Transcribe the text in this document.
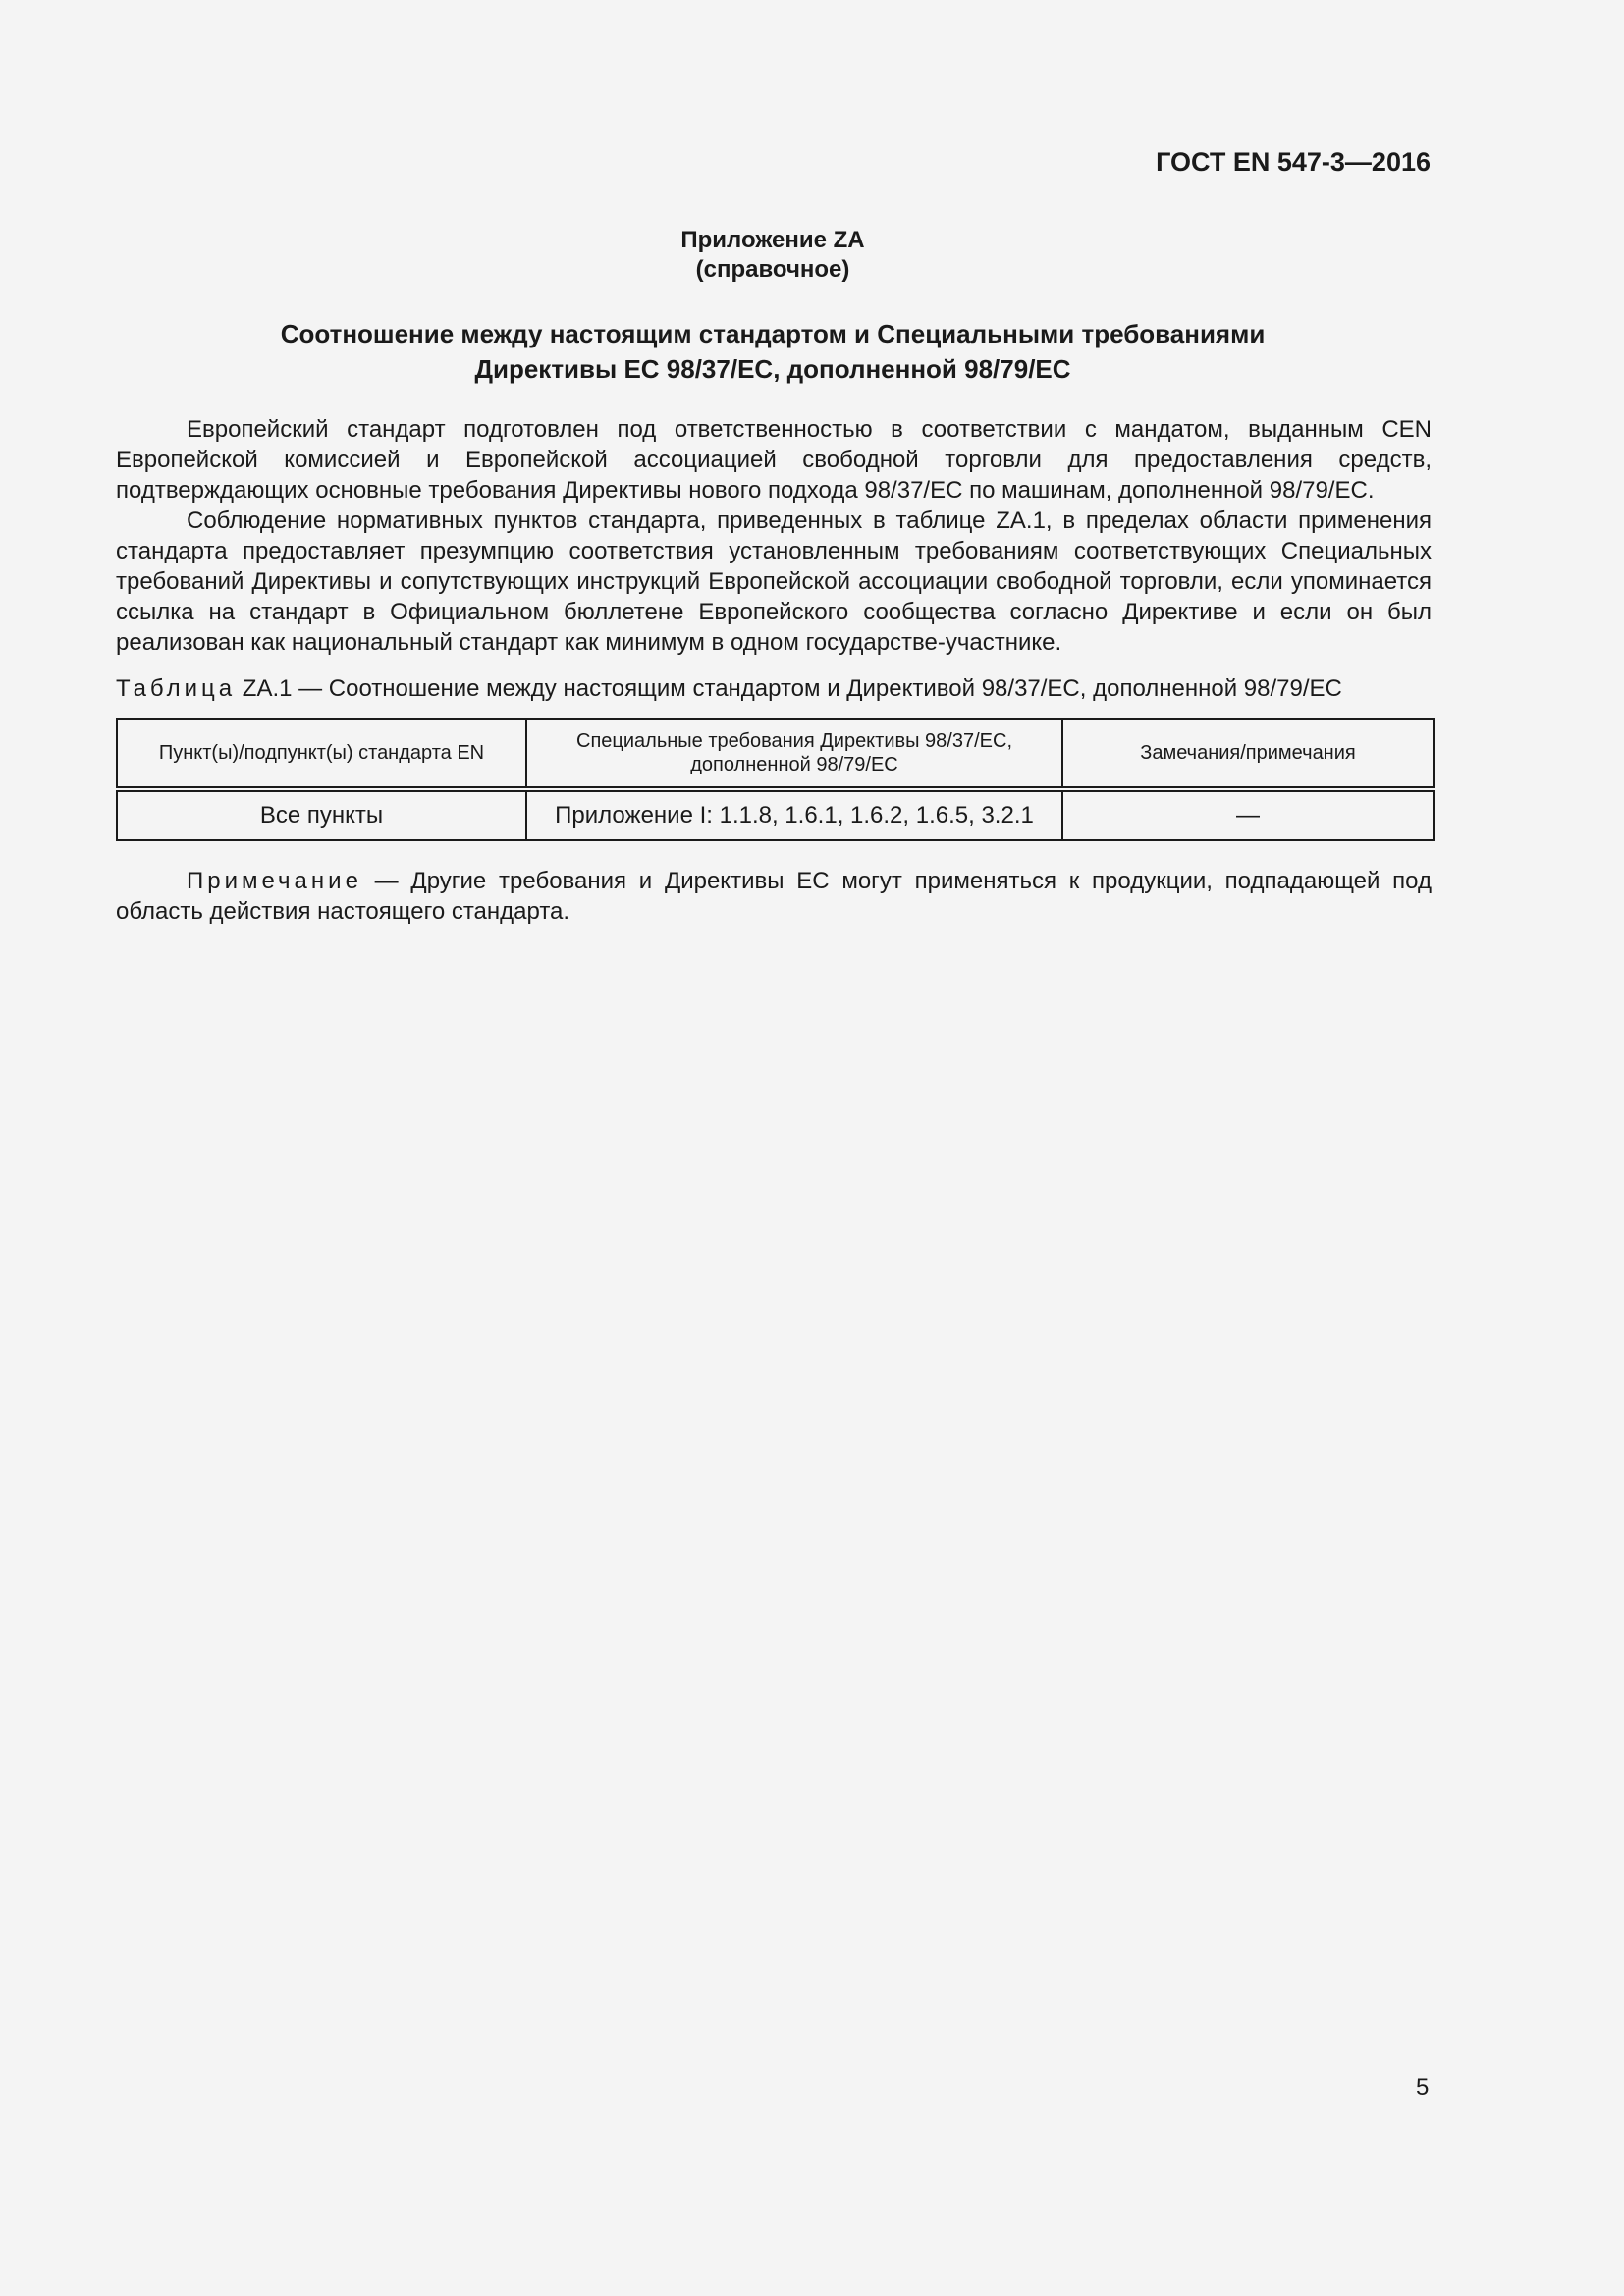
ГОСТ EN 547-3—2016
Приложение ZA
(справочное)
Соотношение между настоящим стандартом и Специальными требованиями
Директивы ЕС 98/37/ЕС, дополненной 98/79/ЕС

Европейский стандарт подготовлен под ответственностью в соответствии с мандатом, выданным CEN Европейской комиссией и Европейской ассоциацией свободной торговли для предоставления средств, подтверждающих основные требования Директивы нового подхода 98/37/ЕС по машинам, дополненной 98/79/ЕС.

Соблюдение нормативных пунктов стандарта, приведенных в таблице ZA.1, в пределах области применения стандарта предоставляет презумпцию соответствия установленным требованиям соответствующих Специальных требований Директивы и сопутствующих инструкций Европейской ассоциации свободной торговли, если упоминается ссылка на стандарт в Официальном бюллетене Европейского сообщества согласно Директиве и если он был реализован как национальный стандарт как минимум в одном государстве-участнике.

Таблица ZA.1 — Соотношение между настоящим стандартом и Директивой 98/37/ЕС, дополненной 98/79/ЕС
Пункт(ы)/подпункт(ы) стандарта EN	Специальные требования Директивы 98/37/ЕС, дополненной 98/79/ЕС	Замечания/примечания
Все пункты	Приложение I: 1.1.8, 1.6.1, 1.6.2, 1.6.5, 3.2.1	—

Примечание — Другие требования и Директивы ЕС могут применяться к продукции, подпадающей под область действия настоящего стандарта.

5
